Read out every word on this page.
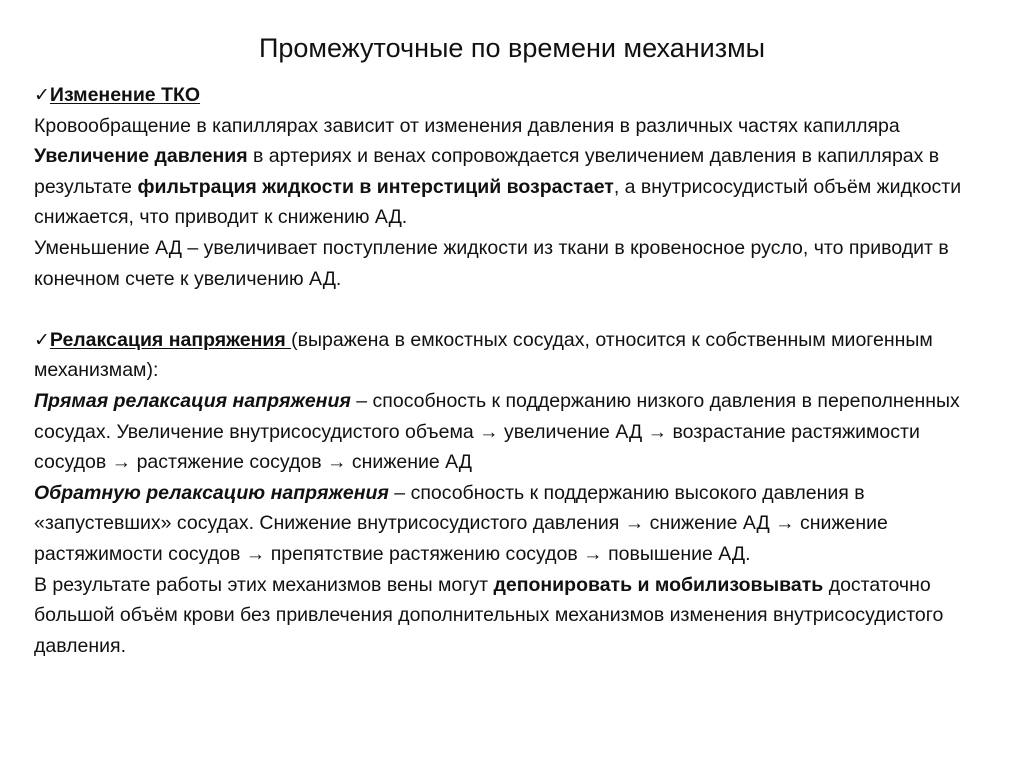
Промежуточные по времени механизмы

✓Изменение ТКО

Кровообращение в капиллярах зависит от изменения давления в различных частях капилляра

Увеличение давления в артериях и венах сопровождается увеличением давления в капиллярах в результате фильтрация жидкости в интерстиций возрастает, а внутрисосудистый объём жидкости снижается, что приводит к снижению АД.

Уменьшение АД – увеличивает поступление жидкости из ткани в кровеносное русло, что приводит в конечном счете к увеличению АД.

✓Релаксация напряжения (выражена в емкостных сосудах, относится к собственным миогенным механизмам):

Прямая релаксация напряжения – способность к поддержанию низкого давления в переполненных сосудах. Увеличение внутрисосудистого объема → увеличение АД → возрастание растяжимости сосудов → растяжение сосудов → снижение АД

Обратную релаксацию напряжения – способность к поддержанию высокого давления в «запустевших» сосудах. Снижение внутрисосудистого давления → снижение АД → снижение растяжимости сосудов → препятствие растяжению сосудов → повышение АД.

В результате работы этих механизмов вены могут депонировать и мобилизовывать достаточно большой объём крови без привлечения дополнительных механизмов изменения внутрисосудистого давления.
